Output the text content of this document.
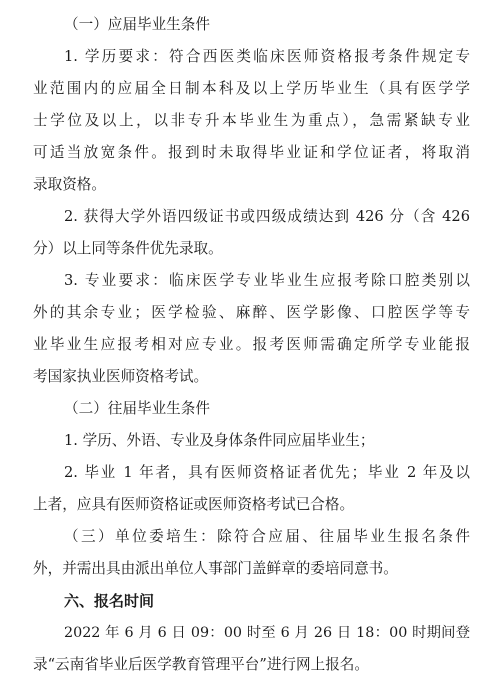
（一）应届毕业生条件
1. 学历要求：符合西医类临床医师资格报考条件规定专
业范围内的应届全日制本科及以上学历毕业生（具有医学学
士学位及以上，以非专升本毕业生为重点），急需紧缺专业
可适当放宽条件。报到时未取得毕业证和学位证者，将取消
录取资格。
2. 获得大学外语四级证书或四级成绩达到 426 分（含 426
分）以上同等条件优先录取。
3. 专业要求：临床医学专业毕业生应报考除口腔类别以
外的其余专业；医学检验、麻醉、医学影像、口腔医学等专
业毕业生应报考相对应专业。报考医师需确定所学专业能报
考国家执业医师资格考试。
（二）往届毕业生条件
1. 学历、外语、专业及身体条件同应届毕业生；
2. 毕业 1 年者，具有医师资格证者优先；毕业 2 年及以
上者，应具有医师资格证或医师资格考试已合格。
（三）单位委培生：除符合应届、往届毕业生报名条件
外，并需出具由派出单位人事部门盖鲜章的委培同意书。
六、报名时间
2022 年 6 月 6 日 09：00 时至 6 月 26 日 18：00 时期间登
录“云南省毕业后医学教育管理平台”进行网上报名。
